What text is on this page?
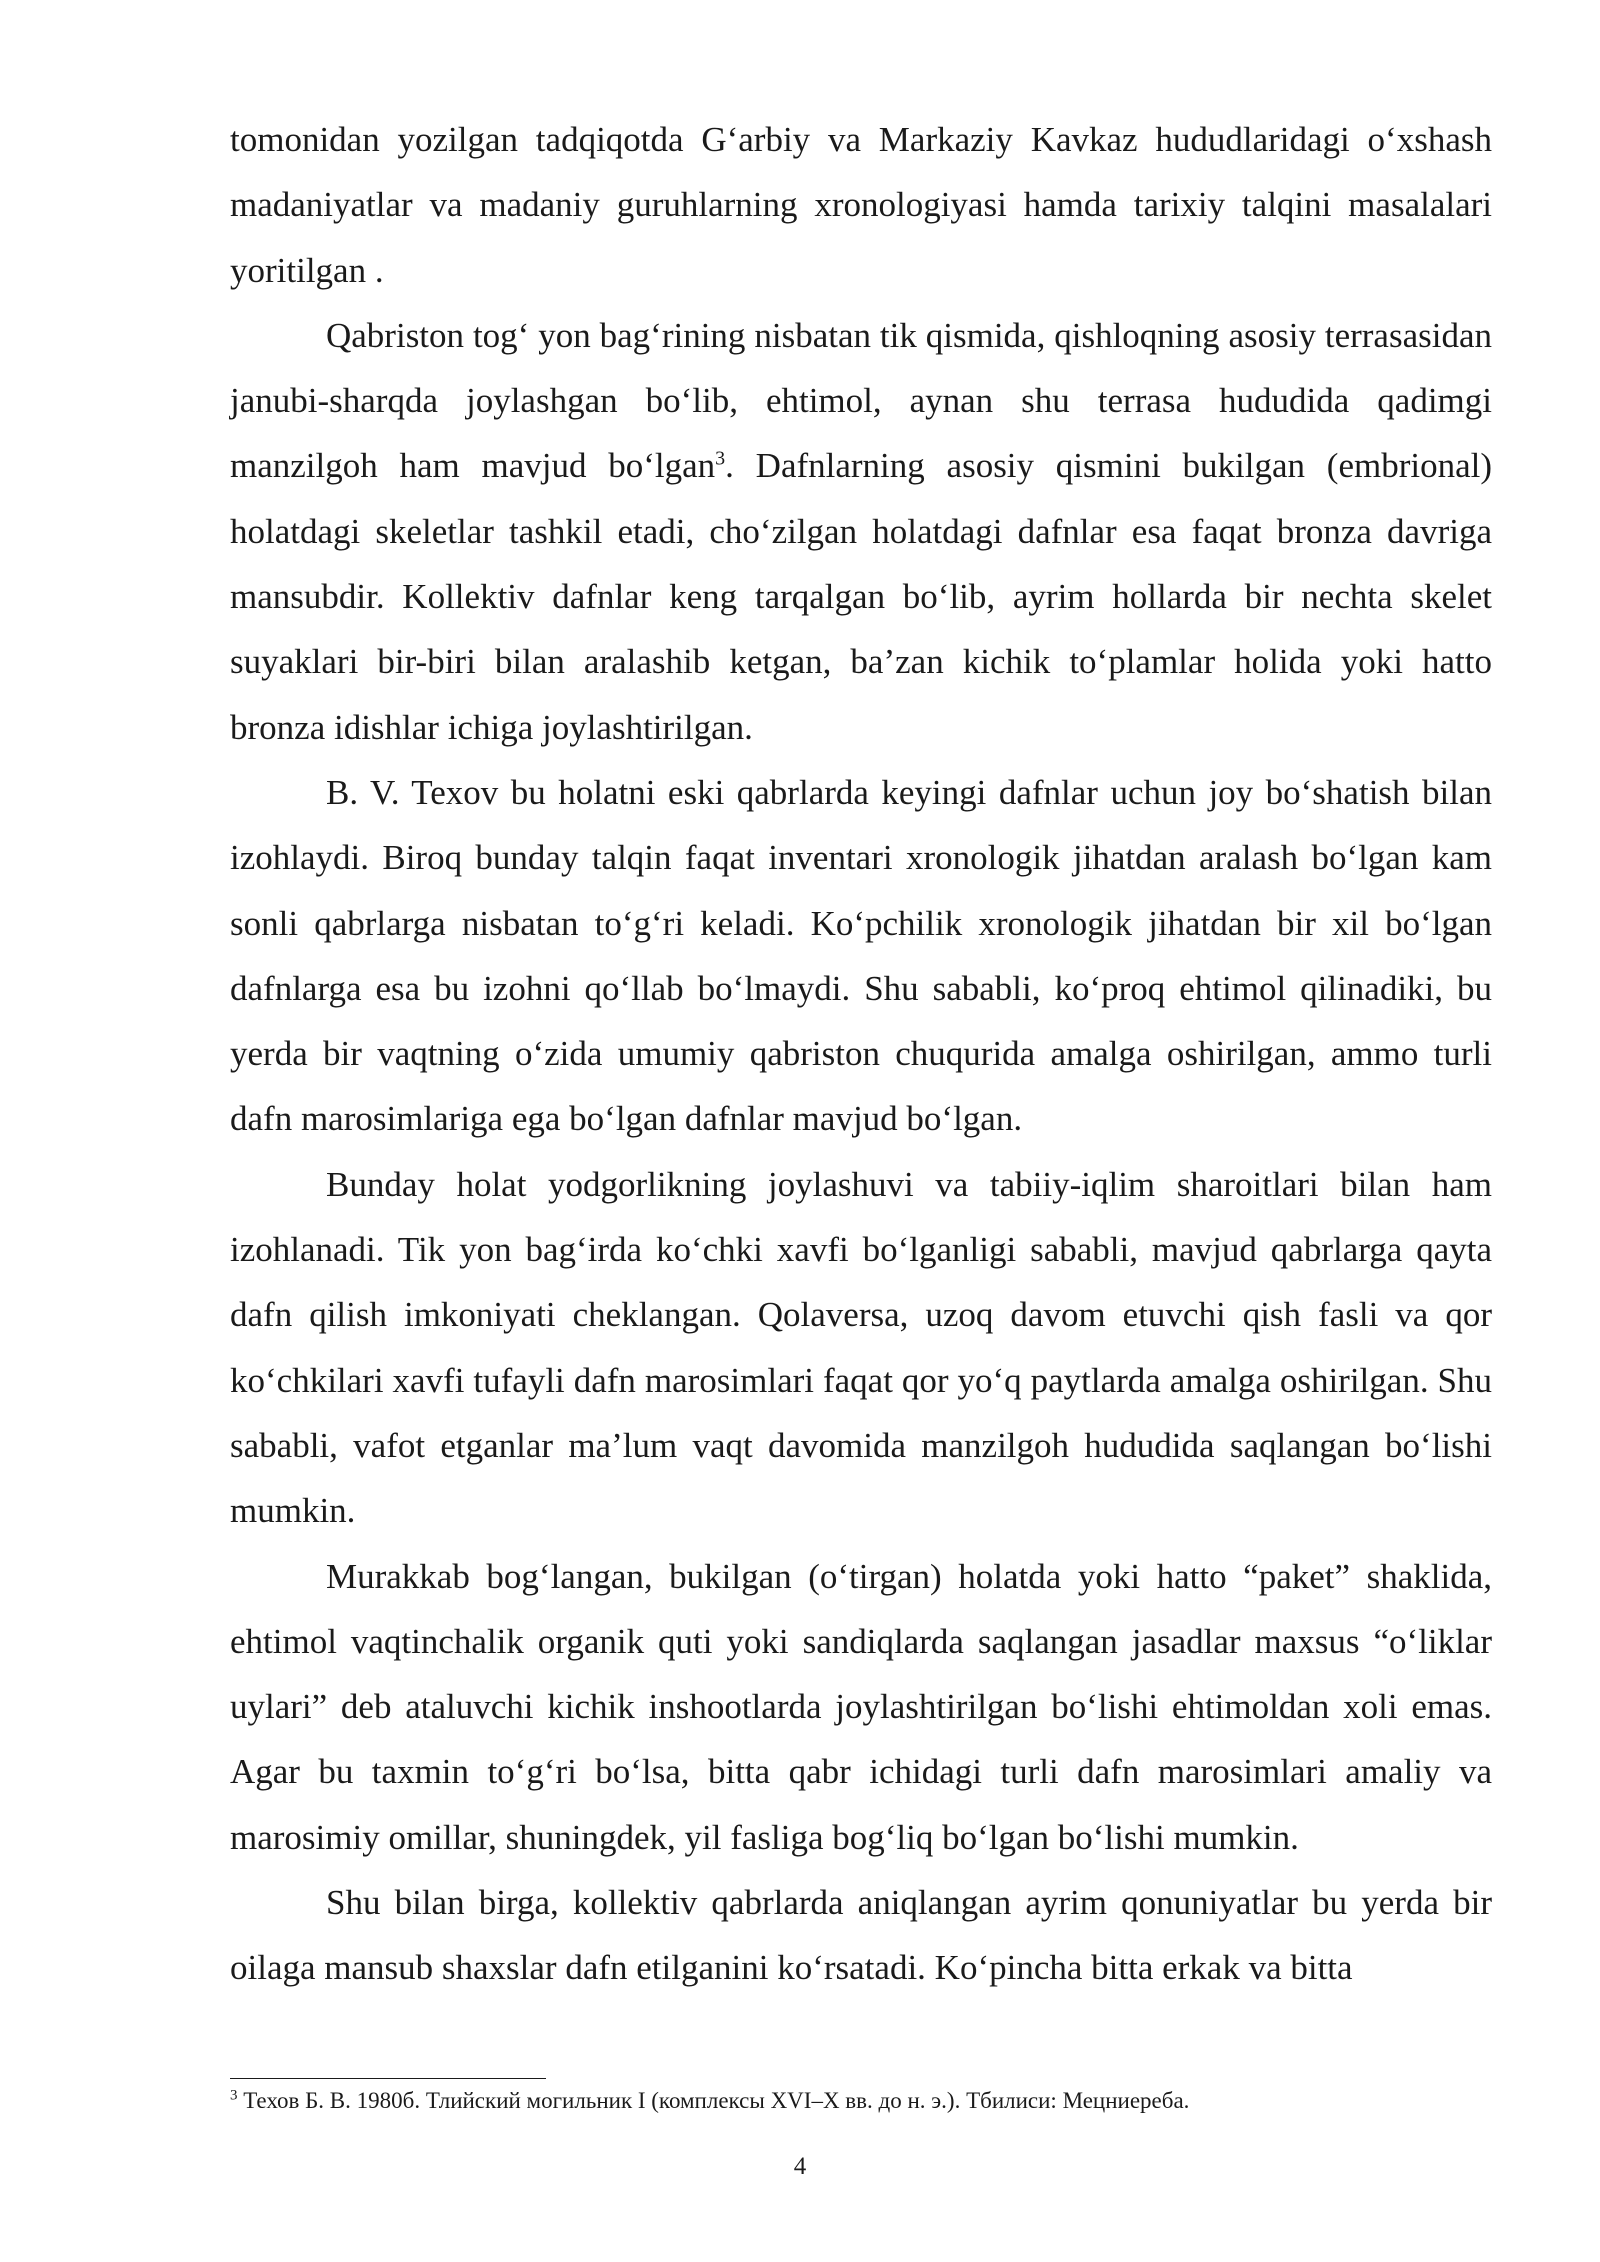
tomonidan yozilgan tadqiqotda G‘arbiy va Markaziy Kavkaz hududlaridagi o‘xshash madaniyatlar va madaniy guruhlarning xronologiyasi hamda tarixiy talqini masalalari yoritilgan .

Qabriston tog‘ yon bag‘rining nisbatan tik qismida, qishloqning asosiy terrasasidan janubi-sharqda joylashgan bo‘lib, ehtimol, aynan shu terrasa hududida qadimgi manzilgoh ham mavjud bo‘lgan$^3$. Dafnlarning asosiy qismini bukilgan (embrional) holatdagi skeletlar tashkil etadi, cho‘zilgan holatdagi dafnlar esa faqat bronza davriga mansubdir. Kollektiv dafnlar keng tarqalgan bo‘lib, ayrim hollarda bir nechta skelet suyaklari bir-biri bilan aralashib ketgan, ba’zan kichik to‘plamlar holida yoki hatto bronza idishlar ichiga joylashtirilgan.

B. V. Texov bu holatni eski qabrlarda keyingi dafnlar uchun joy bo‘shatish bilan izohlaydi. Biroq bunday talqin faqat inventari xronologik jihatdan aralash bo‘lgan kam sonli qabrlarga nisbatan to‘g‘ri keladi. Ko‘pchilik xronologik jihatdan bir xil bo‘lgan dafnlarga esa bu izohni qo‘llab bo‘lmaydi. Shu sababli, ko‘proq ehtimol qilinadiki, bu yerda bir vaqtning o‘zida umumiy qabriston chuqurida amalga oshirilgan, ammo turli dafn marosimlariga ega bo‘lgan dafnlar mavjud bo‘lgan.

Bunday holat yodgorlikning joylashuvi va tabiiy-iqlim sharoitlari bilan ham izohlanadi. Tik yon bag‘irda ko‘chki xavfi bo‘lganligi sababli, mavjud qabrlarga qayta dafn qilish imkoniyati cheklangan. Qolaversa, uzoq davom etuvchi qish fasli va qor ko‘chkilari xavfi tufayli dafn marosimlari faqat qor yo‘q paytlarda amalga oshirilgan. Shu sababli, vafot etganlar ma’lum vaqt davomida manzilgoh hududida saqlangan bo‘lishi mumkin.

Murakkab bog‘langan, bukilgan (o‘tirgan) holatda yoki hatto “paket” shaklida, ehtimol vaqtinchalik organik quti yoki sandiqlarda saqlangan jasadlar maxsus “o‘liklar uylari” deb ataluvchi kichik inshootlarda joylashtirilgan bo‘lishi ehtimoldan xoli emas. Agar bu taxmin to‘g‘ri bo‘lsa, bitta qabr ichidagi turli dafn marosimlari amaliy va marosimiy omillar, shuningdek, yil fasliga bog‘liq bo‘lgan bo‘lishi mumkin.

Shu bilan birga, kollektiv qabrlarda aniqlangan ayrim qonuniyatlar bu yerda bir oilaga mansub shaxslar dafn etilganini ko‘rsatadi. Ko‘pincha bitta erkak va bitta

$^3$ Техов Б. В. 1980б. Тлийский могильник I (комплексы XVI–X вв. до н. э.). Тбилиси: Мецниереба.
4
